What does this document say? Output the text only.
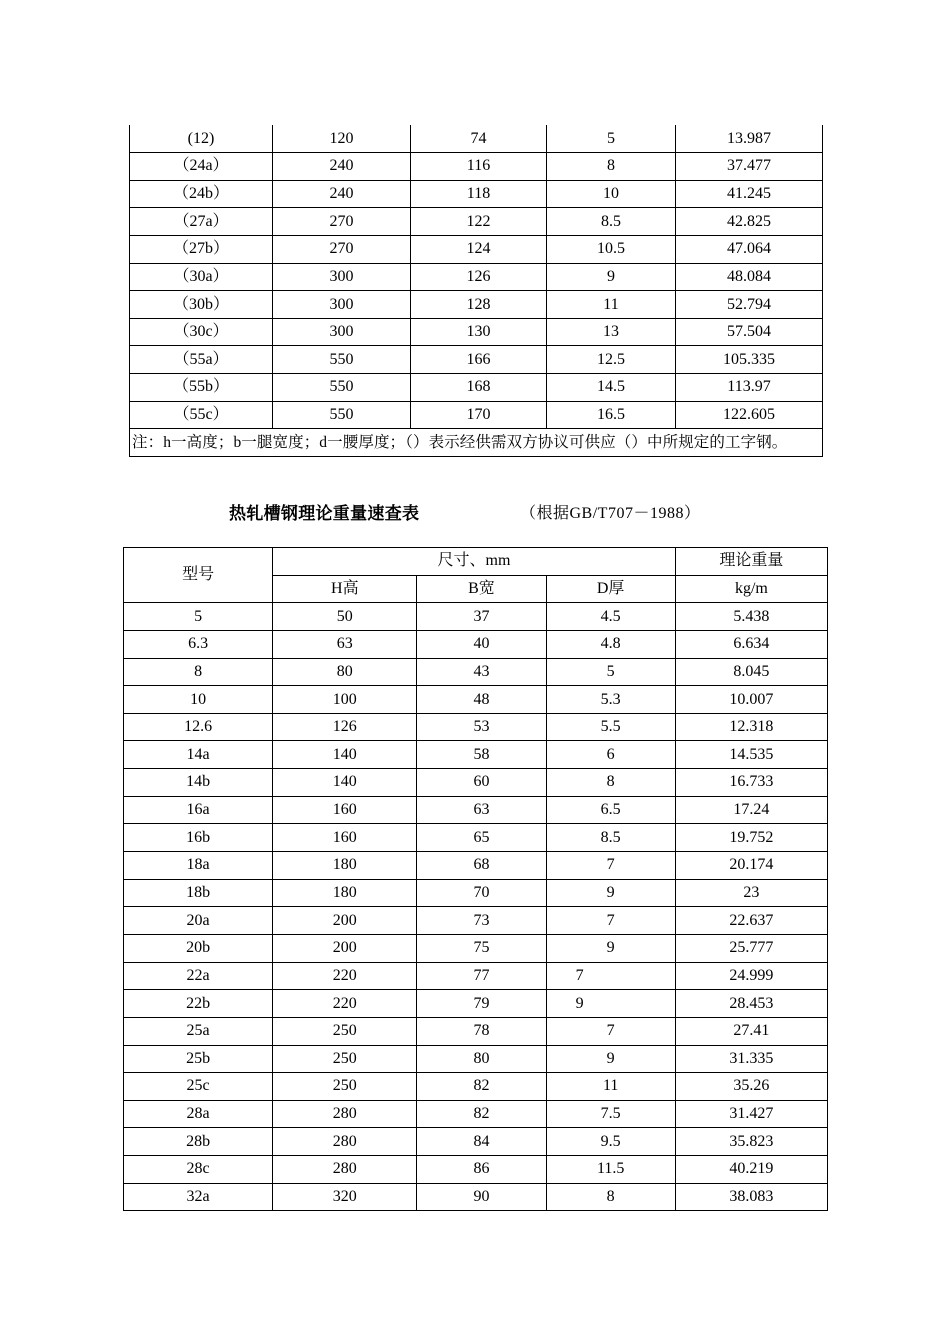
(12)	120	74	5	13.987
（24a）	240	116	8	37.477
（24b）	240	118	10	41.245
（27a）	270	122	8.5	42.825
（27b）	270	124	10.5	47.064
（30a）	300	126	9	48.084
（30b）	300	128	11	52.794
（30c）	300	130	13	57.504
（55a）	550	166	12.5	105.335
（55b）	550	168	14.5	113.97
（55c）	550	170	16.5	122.605
注：h一高度；b一腿宽度；d一腰厚度；（）表示经供需双方协议可供应（）中所规定的工字钢。				
热轧槽钢理论重量速查表	（根据GB/T707－1988）
型号	尺寸、mm			理论重量
	H高	B宽	D厚	kg/m
5	50	37	4.5	5.438
6.3	63	40	4.8	6.634
8	80	43	5	8.045
10	100	48	5.3	10.007
12.6	126	53	5.5	12.318
14a	140	58	6	14.535
14b	140	60	8	16.733
16a	160	63	6.5	17.24
16b	160	65	8.5	19.752
18a	180	68	7	20.174
18b	180	70	9	23
20a	200	73	7	22.637
20b	200	75	9	25.777
22a	220	77	7	24.999
22b	220	79	9	28.453
25a	250	78	7	27.41
25b	250	80	9	31.335
25c	250	82	11	35.26
28a	280	82	7.5	31.427
28b	280	84	9.5	35.823
28c	280	86	11.5	40.219
32a	320	90	8	38.083
